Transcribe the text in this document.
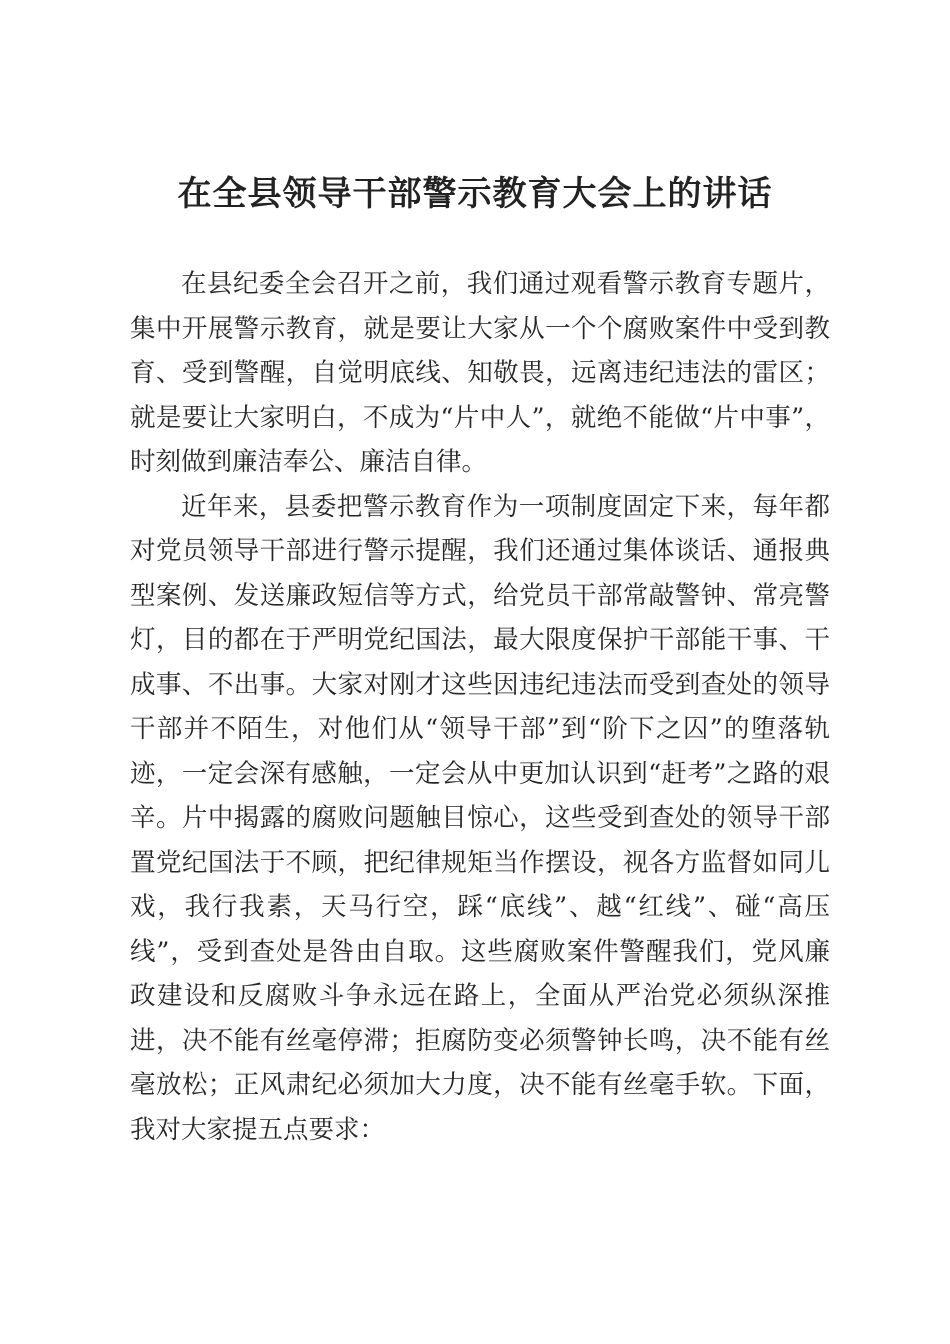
在全县领导干部警示教育大会上的讲话

在县纪委全会召开之前，我们通过观看警示教育专题片，集中开展警示教育，就是要让大家从一个个腐败案件中受到教育、受到警醒，自觉明底线、知敬畏，远离违纪违法的雷区；就是要让大家明白，不成为“片中人”，就绝不能做“片中事”，时刻做到廉洁奉公、廉洁自律。

近年来，县委把警示教育作为一项制度固定下来，每年都对党员领导干部进行警示提醒，我们还通过集体谈话、通报典型案例、发送廉政短信等方式，给党员干部常敲警钟、常亮警灯，目的都在于严明党纪国法，最大限度保护干部能干事、干成事、不出事。大家对刚才这些因违纪违法而受到查处的领导干部并不陌生，对他们从“领导干部”到“阶下之囚”的堕落轨迹，一定会深有感触，一定会从中更加认识到“赶考”之路的艰辛。片中揭露的腐败问题触目惊心，这些受到查处的领导干部置党纪国法于不顾，把纪律规矩当作摆设，视各方监督如同儿戏，我行我素，天马行空，踩“底线”、越“红线”、碰“高压线”，受到查处是咎由自取。这些腐败案件警醒我们，党风廉政建设和反腐败斗争永远在路上，全面从严治党必须纵深推进，决不能有丝毫停滞；拒腐防变必须警钟长鸣，决不能有丝毫放松；正风肃纪必须加大力度，决不能有丝毫手软。下面，我对大家提五点要求：
